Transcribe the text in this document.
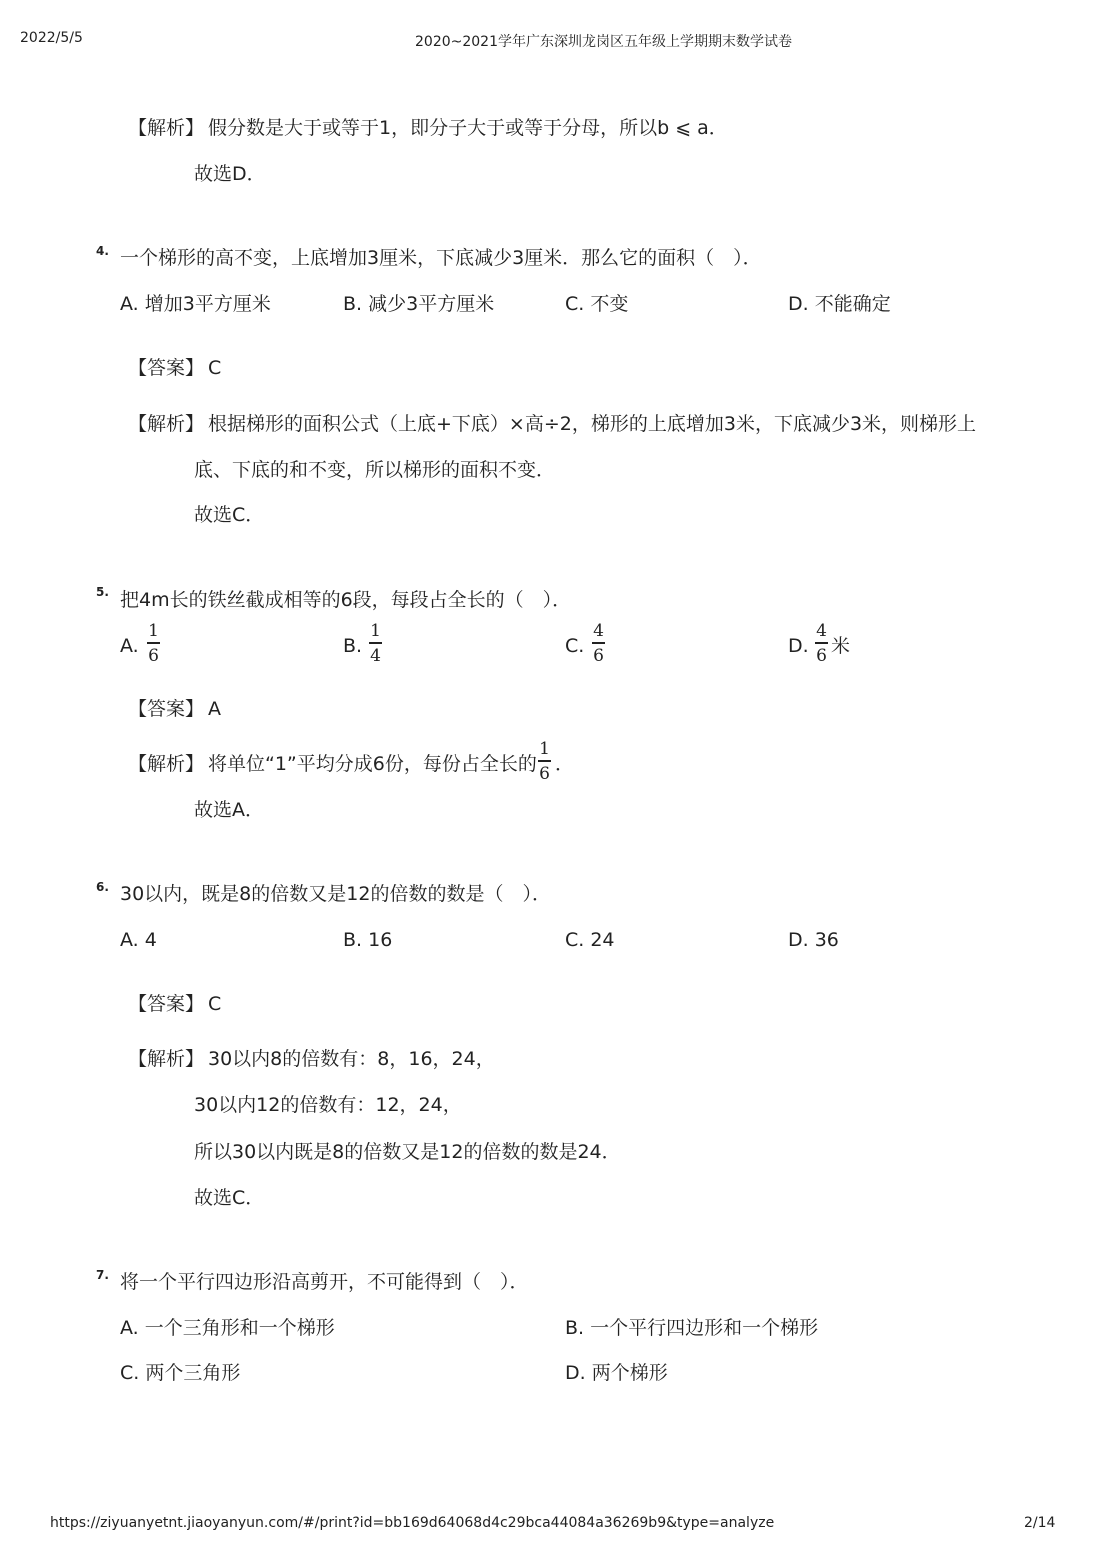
2022/5/5	2020~2021学年广东深圳龙岗区五年级上学期期末数学试卷
【解析】 假分数是大于或等于1，即分子大于或等于分母，所以b ⩽ a．
故选D．
4. 一个梯形的高不变，上底增加3厘米，下底减少3厘米．那么它的面积（　）．
A. 增加3平方厘米	B. 减少3平方厘米	C. 不变	D. 不能确定
【答案】 C
【解析】 根据梯形的面积公式（上底+下底）×高÷2，梯形的上底增加3米，下底减少3米，则梯形上
底、下底的和不变，所以梯形的面积不变．
故选C．
5. 把4m长的铁丝截成相等的6段，每段占全长的（　）．
A.
1
6	B.
1
4	C.
4
6	D.
4
6 米
【答案】 A
【解析】 将单位“1”平均分成6份，每份占全长的
1
6 ．
故选A．
6. 30以内，既是8的倍数又是12的倍数的数是（　）．
A. 4	B. 16	C. 24	D. 36
【答案】 C
【解析】 30以内8的倍数有：8，16，24，
30以内12的倍数有：12，24，
所以30以内既是8的倍数又是12的倍数的数是24．
故选C．
7. 将一个平行四边形沿高剪开，不可能得到（　）．
A. 一个三角形和一个梯形	B. 一个平行四边形和一个梯形
C. 两个三角形	D. 两个梯形
https://ziyuanyetnt.jiaoyanyun.com/#/print?id=bb169d64068d4c29bca44084a36269b9&type=analyze	2/14
